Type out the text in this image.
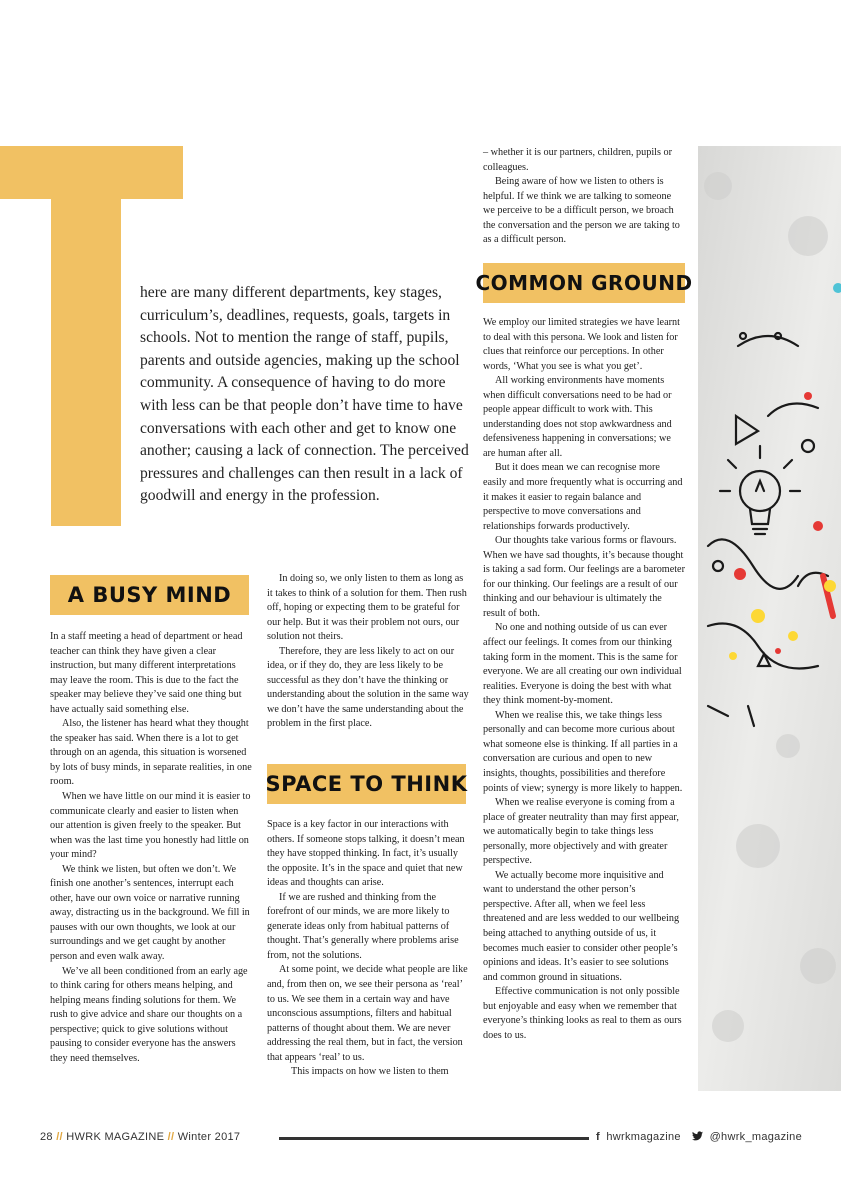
here are many different departments, key stages, curriculum’s, deadlines, requests, goals, targets in schools. Not to mention the range of staff, pupils, parents and outside agencies, making up the school community. A consequence of having to do more with less can be that people don’t have time to have conversations with each other and get to know one another; causing a lack of connection. The perceived pressures and challenges can then result in a lack of goodwill and energy in the profession.

A BUSY MIND
SPACE TO THINK
COMMON GROUND

In a staff meeting a head of department or head teacher can think they have given a clear instruction, but many different interpretations may leave the room. This is due to the fact the speaker may believe they’ve said one thing but have actually said something else.

Also, the listener has heard what they thought the speaker has said. When there is a lot to get through on an agenda, this situation is worsened by lots of busy minds, in separate realities, in one room.

When we have little on our mind it is easier to communicate clearly and easier to listen when our attention is given freely to the speaker. But when was the last time you honestly had little on your mind?

We think we listen, but often we don’t. We finish one another’s sentences, interrupt each other, have our own voice or narrative running away, distracting us in the background. We fill in pauses with our own thoughts, we look at our surroundings and we get caught by another person and even walk away.

We’ve all been conditioned from an early age to think caring for others means helping, and helping means finding solutions for them. We rush to give advice and share our thoughts on a perspective; quick to give solutions without pausing to consider everyone has the answers they need themselves.

In doing so, we only listen to them as long as it takes to think of a solution for them. Then rush off, hoping or expecting them to be grateful for our help. But it was their problem not ours, our solution not theirs.

Therefore, they are less likely to act on our idea, or if they do, they are less likely to be successful as they don’t have the thinking or understanding about the solution in the same way we don’t have the same understanding about the problem in the first place.

Space is a key factor in our interactions with others. If someone stops talking, it doesn’t mean they have stopped thinking. In fact, it’s usually the opposite. It’s in the space and quiet that new ideas and thoughts can arise.

If we are rushed and thinking from the forefront of our minds, we are more likely to generate ideas only from habitual patterns of thought. That’s generally where problems arise from, not the solutions.

At some point, we decide what people are like and, from then on, we see their persona as ‘real’ to us. We see them in a certain way and have unconscious assumptions, filters and habitual patterns of thought about them. We are never addressing the real them, but in fact, the version that appears ‘real’ to us.

This impacts on how we listen to them

– whether it is our partners, children, pupils or colleagues.

Being aware of how we listen to others is helpful. If we think we are talking to someone we perceive to be a difficult person, we broach the conversation and the person we are taking to as a difficult person.

We employ our limited strategies we have learnt to deal with this persona. We look and listen for clues that reinforce our perceptions. In other words, ‘What you see is what you get’.

All working environments have moments when difficult conversations need to be had or people appear difficult to work with. This understanding does not stop awkwardness and defensiveness happening in conversations; we are human after all.

But it does mean we can recognise more easily and more frequently what is occurring and it makes it easier to regain balance and perspective to move conversations and relationships forwards productively.

Our thoughts take various forms or flavours. When we have sad thoughts, it’s because thought is taking a sad form. Our feelings are a barometer for our thinking. Our feelings are a result of our thinking and our behaviour is ultimately the result of both.

No one and nothing outside of us can ever affect our feelings. It comes from our thinking taking form in the moment. This is the same for everyone. We are all creating our own individual realities. Everyone is doing the best with what they think moment-by-moment.

When we realise this, we take things less personally and can become more curious about what someone else is thinking. If all parties in a conversation are curious and open to new insights, thoughts, possibilities and therefore points of view; synergy is more likely to happen.

When we realise everyone is coming from a place of greater neutrality than may first appear, we automatically begin to take things less personally, more objectively and with greater perspective.

We actually become more inquisitive and want to understand the other person’s perspective. After all, when we feel less threatened and are less wedded to our wellbeing being attached to anything outside of us, it becomes much easier to consider other people’s opinions and ideas. It’s easier to see solutions and common ground in situations.

Effective communication is not only possible but enjoyable and easy when we remember that everyone’s thinking looks as real to them as ours does to us.

28 // HWRK MAGAZINE // Winter 2017	f hwrkmagazine	@hwrk_magazine
